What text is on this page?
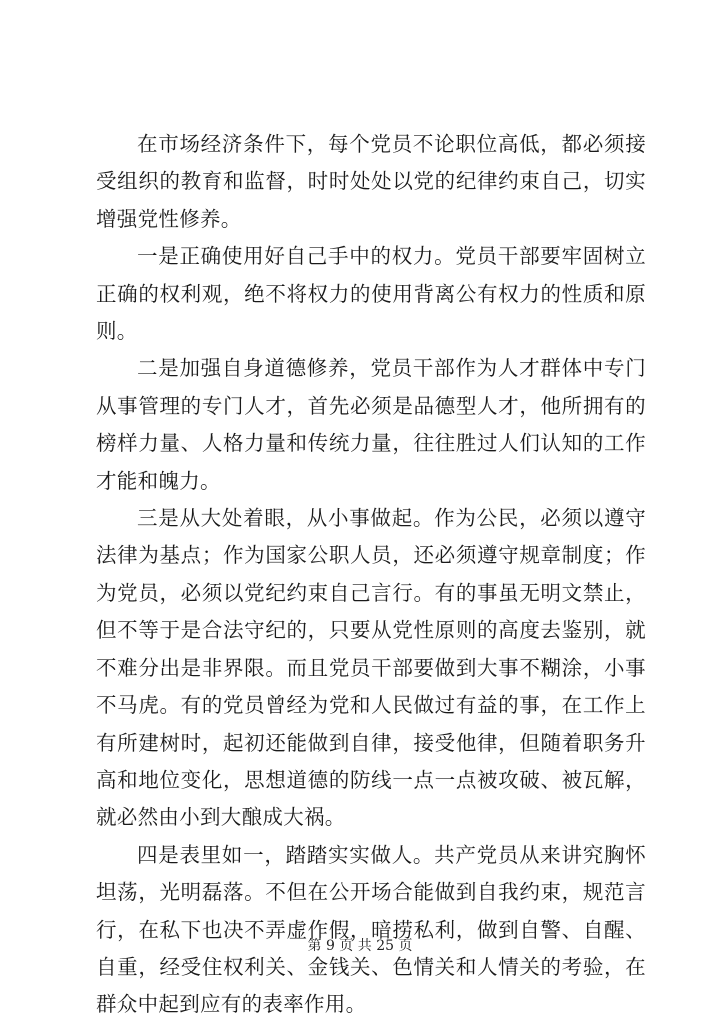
在市场经济条件下，每个党员不论职位高低，都必须接受组织的教育和监督，时时处处以党的纪律约束自己，切实增强党性修养。

一是正确使用好自己手中的权力。党员干部要牢固树立正确的权利观，绝不将权力的使用背离公有权力的性质和原则。

二是加强自身道德修养，党员干部作为人才群体中专门从事管理的专门人才，首先必须是品德型人才，他所拥有的榜样力量、人格力量和传统力量，往往胜过人们认知的工作才能和魄力。

三是从大处着眼，从小事做起。作为公民，必须以遵守法律为基点；作为国家公职人员，还必须遵守规章制度；作为党员，必须以党纪约束自己言行。有的事虽无明文禁止，但不等于是合法守纪的，只要从党性原则的高度去鉴别，就不难分出是非界限。而且党员干部要做到大事不糊涂，小事不马虎。有的党员曾经为党和人民做过有益的事，在工作上有所建树时，起初还能做到自律，接受他律，但随着职务升高和地位变化，思想道德的防线一点一点被攻破、被瓦解，就必然由小到大酿成大祸。

四是表里如一，踏踏实实做人。共产党员从来讲究胸怀坦荡，光明磊落。不但在公开场合能做到自我约束，规范言行，在私下也决不弄虚作假，暗捞私利，做到自警、自醒、自重，经受住权利关、金钱关、色情关和人情关的考验，在群众中起到应有的表率作用。

第 9 页 共 25 页
